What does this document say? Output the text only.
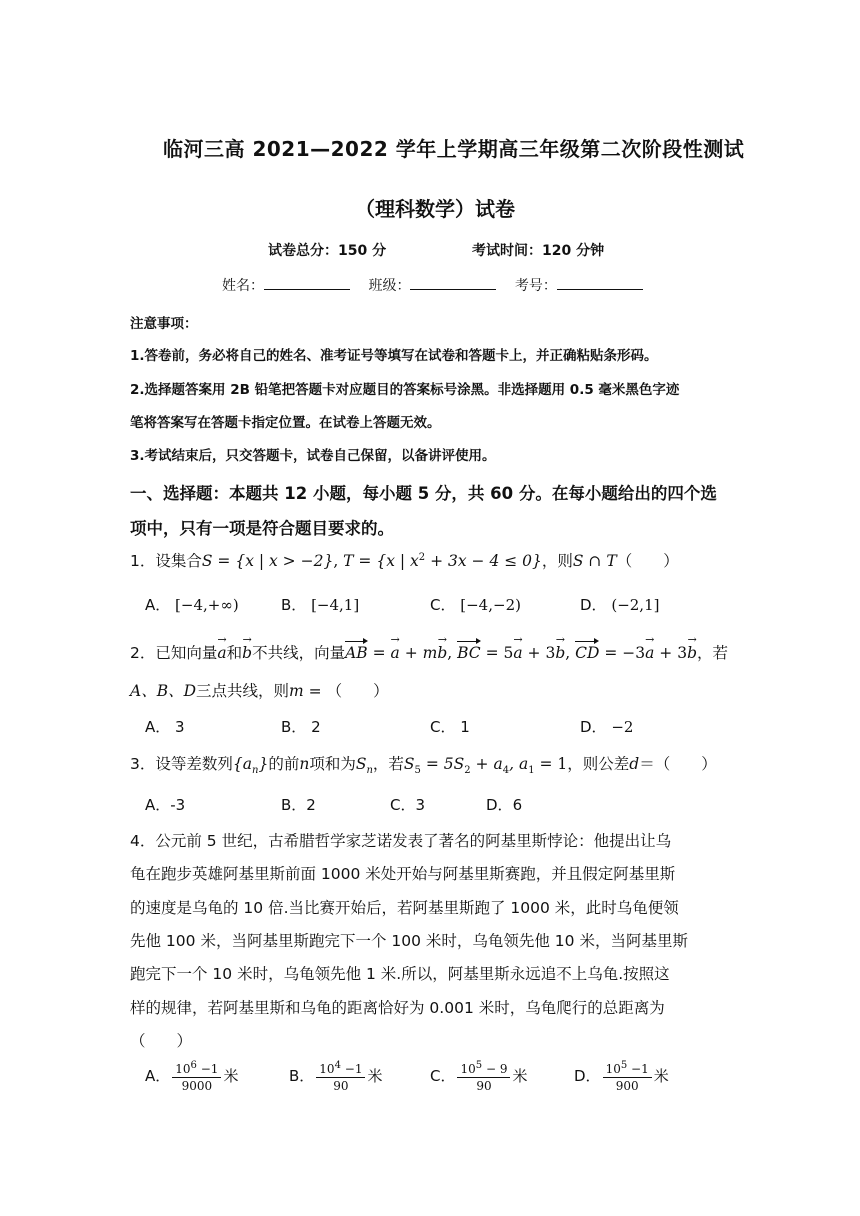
临河三高 2021—2022 学年上学期高三年级第二次阶段性测试
（理科数学）试卷
试卷总分：150 分	考试时间：120 分钟
姓名：	班级：	考号：
注意事项：
1.答卷前，务必将自己的姓名、准考证号等填写在试卷和答题卡上，并正确粘贴条形码。
2.选择题答案用 2B 铅笔把答题卡对应题目的答案标号涂黑。非选择题用 0.5 毫米黑色字迹
笔将答案写在答题卡指定位置。在试卷上答题无效。
3.考试结束后，只交答题卡，试卷自己保留，以备讲评使用。
一、选择题：本题共 12 小题，每小题 5 分，共 60 分。在每小题给出的四个选
项中，只有一项是符合题目要求的。
1．设集合S = {x | x > −2}, T = {x | $x^2 + 3x - 4 \le 0$}，则S ∩ T（　　）
A． [−4,+∞)	B． [−4,1]	C． [−4,−2)	D． (−2,1]
2．已知向量→ a和→ b不共线，向量AB = → a + m→ b, BC = 5→ a + 3→ b, CD = −3→ a + 3→ b，若
A、B、D三点共线，则m = （　　）
A． 3	B． 2	C． 1	D． −2
3．设等差数列$\{a_n\}$的前n项和为$S_n$，若$S_5 = 5S_2 + a_4$, $a_1 = 1$，则公差d＝（　　）
A．-3	B．2	C．3	D．6
4．公元前 5 世纪，古希腊哲学家芝诺发表了著名的阿基里斯悖论：他提出让乌
龟在跑步英雄阿基里斯前面 1000 米处开始与阿基里斯赛跑，并且假定阿基里斯
的速度是乌龟的 10 倍.当比赛开始后，若阿基里斯跑了 1000 米，此时乌龟便领
先他 100 米，当阿基里斯跑完下一个 100 米时，乌龟领先他 10 米，当阿基里斯
跑完下一个 10 米时，乌龟领先他 1 米.所以，阿基里斯永远追不上乌龟.按照这
样的规律，若阿基里斯和乌龟的距离恰好为 0.001 米时，乌龟爬行的总距离为
（　　）
A． $\frac{10^6 -1}{9000}$ 米	B． $\frac{10^4 -1}{90}$ 米	C． $\frac{10^5 - 9}{90}$ 米	D． $\frac{10^5 -1}{900}$ 米
